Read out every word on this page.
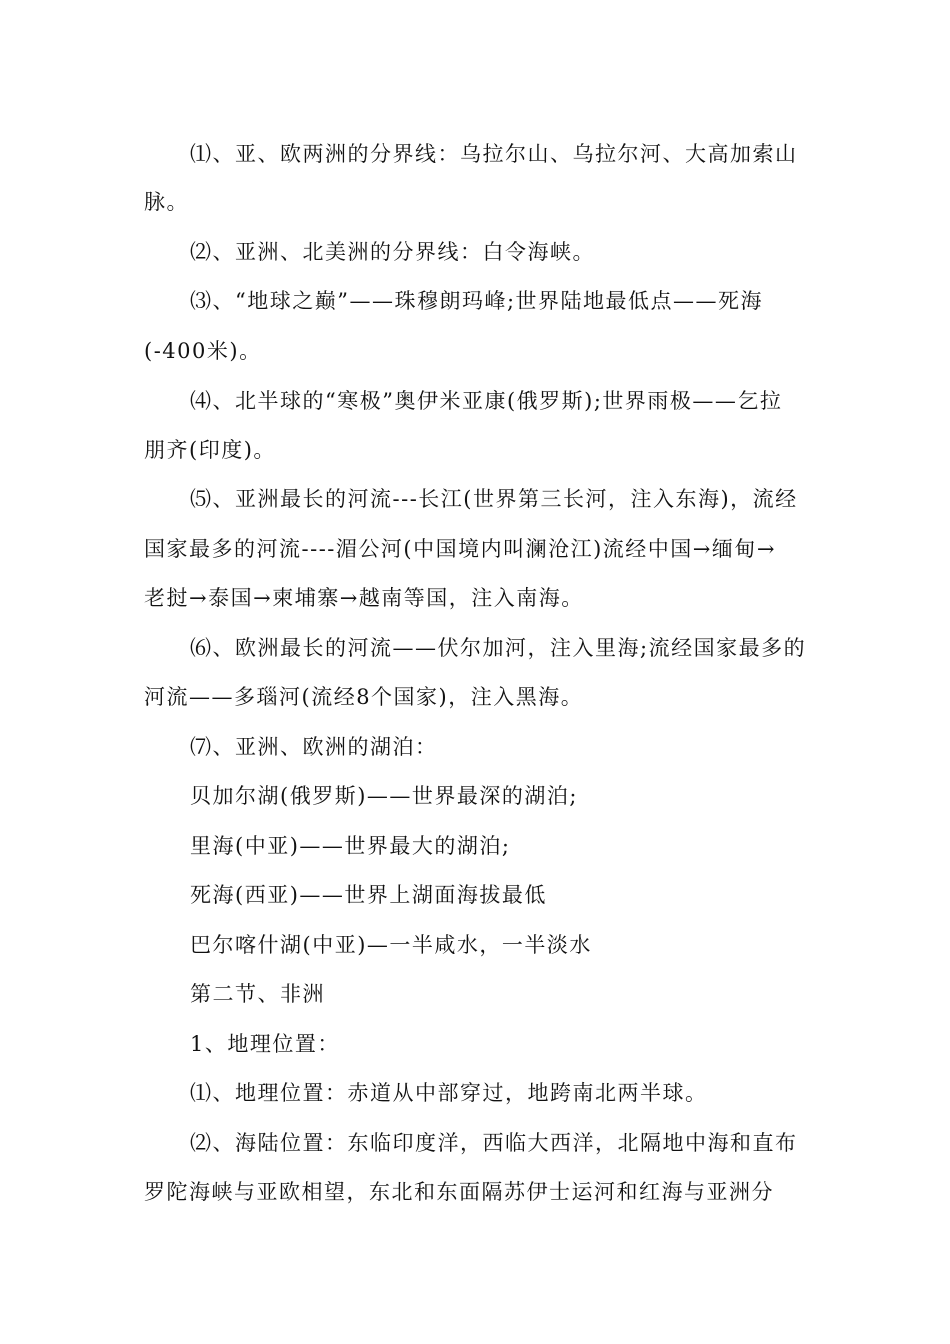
⑴、亚、欧两洲的分界线：乌拉尔山、乌拉尔河、大高加索山
脉。
⑵、亚洲、北美洲的分界线：白令海峡。
⑶、“地球之巅”——珠穆朗玛峰;世界陆地最低点——死海
(-400米)。
⑷、北半球的“寒极”奥伊米亚康(俄罗斯);世界雨极——乞拉
朋齐(印度)。
⑸、亚洲最长的河流---长江(世界第三长河，注入东海)，流经
国家最多的河流----湄公河(中国境内叫澜沧江)流经中国→缅甸→
老挝→泰国→柬埔寨→越南等国，注入南海。
⑹、欧洲最长的河流——伏尔加河，注入里海;流经国家最多的
河流——多瑙河(流经8个国家)，注入黑海。
⑺、亚洲、欧洲的湖泊：
贝加尔湖(俄罗斯)——世界最深的湖泊;
里海(中亚)——世界最大的湖泊;
死海(西亚)——世界上湖面海拔最低
巴尔喀什湖(中亚)—一半咸水，一半淡水
第二节、非洲
1、地理位置：
⑴、地理位置：赤道从中部穿过，地跨南北两半球。
⑵、海陆位置：东临印度洋，西临大西洋，北隔地中海和直布
罗陀海峡与亚欧相望，东北和东面隔苏伊士运河和红海与亚洲分
